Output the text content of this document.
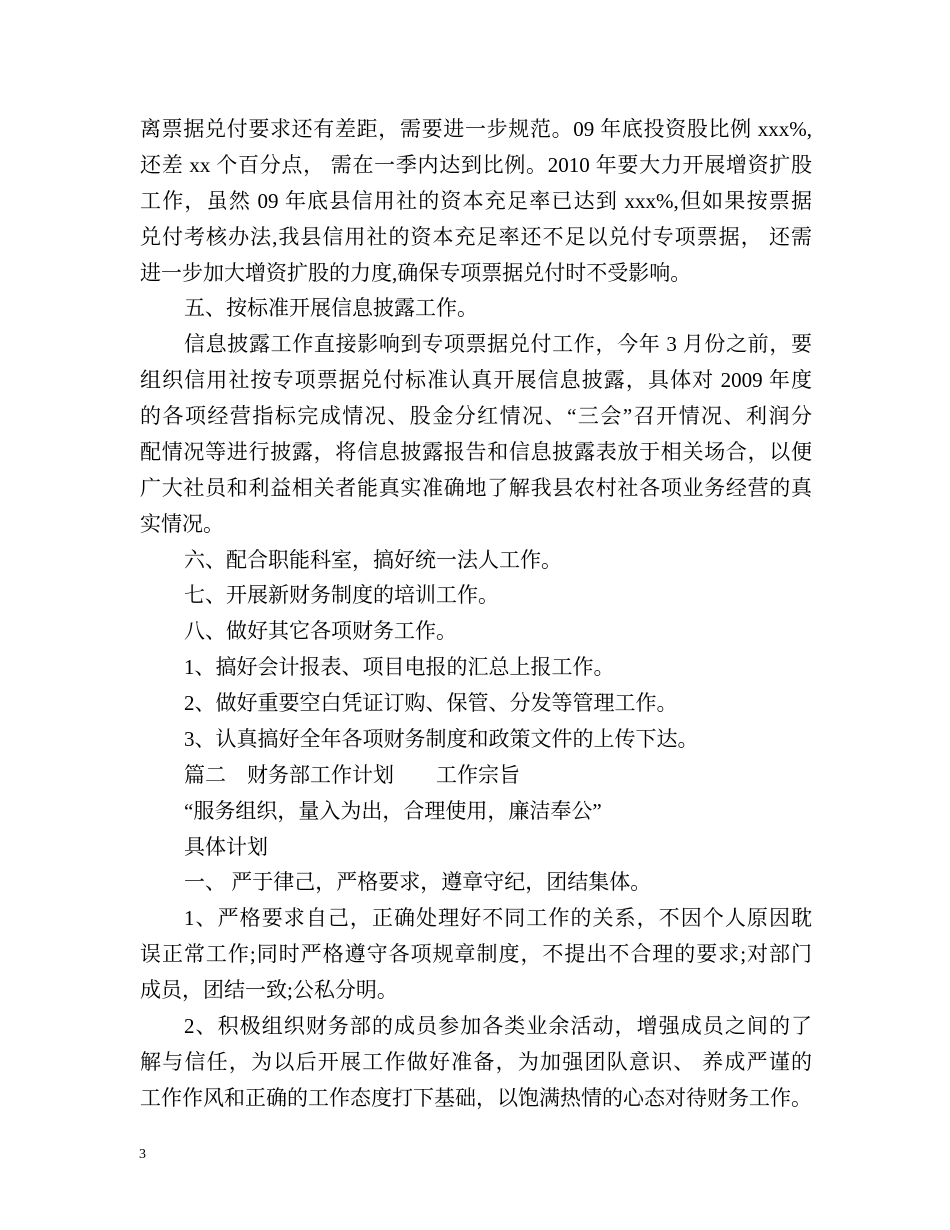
离票据兑付要求还有差距，需要进一步规范。09 年底投资股比例 xxx%,
还差 xx 个百分点， 需在一季内达到比例。2010 年要大力开展增资扩股
工作，虽然 09 年底县信用社的资本充足率已达到 xxx%,但如果按票据
兑付考核办法,我县信用社的资本充足率还不足以兑付专项票据， 还需
进一步加大增资扩股的力度,确保专项票据兑付时不受影响。
五、按标准开展信息披露工作。
信息披露工作直接影响到专项票据兑付工作，今年 3 月份之前，要
组织信用社按专项票据兑付标准认真开展信息披露，具体对 2009 年度
的各项经营指标完成情况、股金分红情况、“三会”召开情况、利润分
配情况等进行披露，将信息披露报告和信息披露表放于相关场合，以便
广大社员和利益相关者能真实准确地了解我县农村社各项业务经营的真
实情况。
六、配合职能科室，搞好统一法人工作。
七、开展新财务制度的培训工作。
八、做好其它各项财务工作。
1、搞好会计报表、项目电报的汇总上报工作。
2、做好重要空白凭证订购、保管、分发等管理工作。
3、认真搞好全年各项财务制度和政策文件的上传下达。
篇二　财务部工作计划　　工作宗旨
“服务组织，量入为出，合理使用，廉洁奉公”
具体计划
一、 严于律己，严格要求，遵章守纪，团结集体。
1、严格要求自己，正确处理好不同工作的关系，不因个人原因耽
误正常工作;同时严格遵守各项规章制度，不提出不合理的要求;对部门
成员，团结一致;公私分明。
2、积极组织财务部的成员参加各类业余活动，增强成员之间的了
解与信任，为以后开展工作做好准备，为加强团队意识、 养成严谨的
工作作风和正确的工作态度打下基础，以饱满热情的心态对待财务工作。
3
